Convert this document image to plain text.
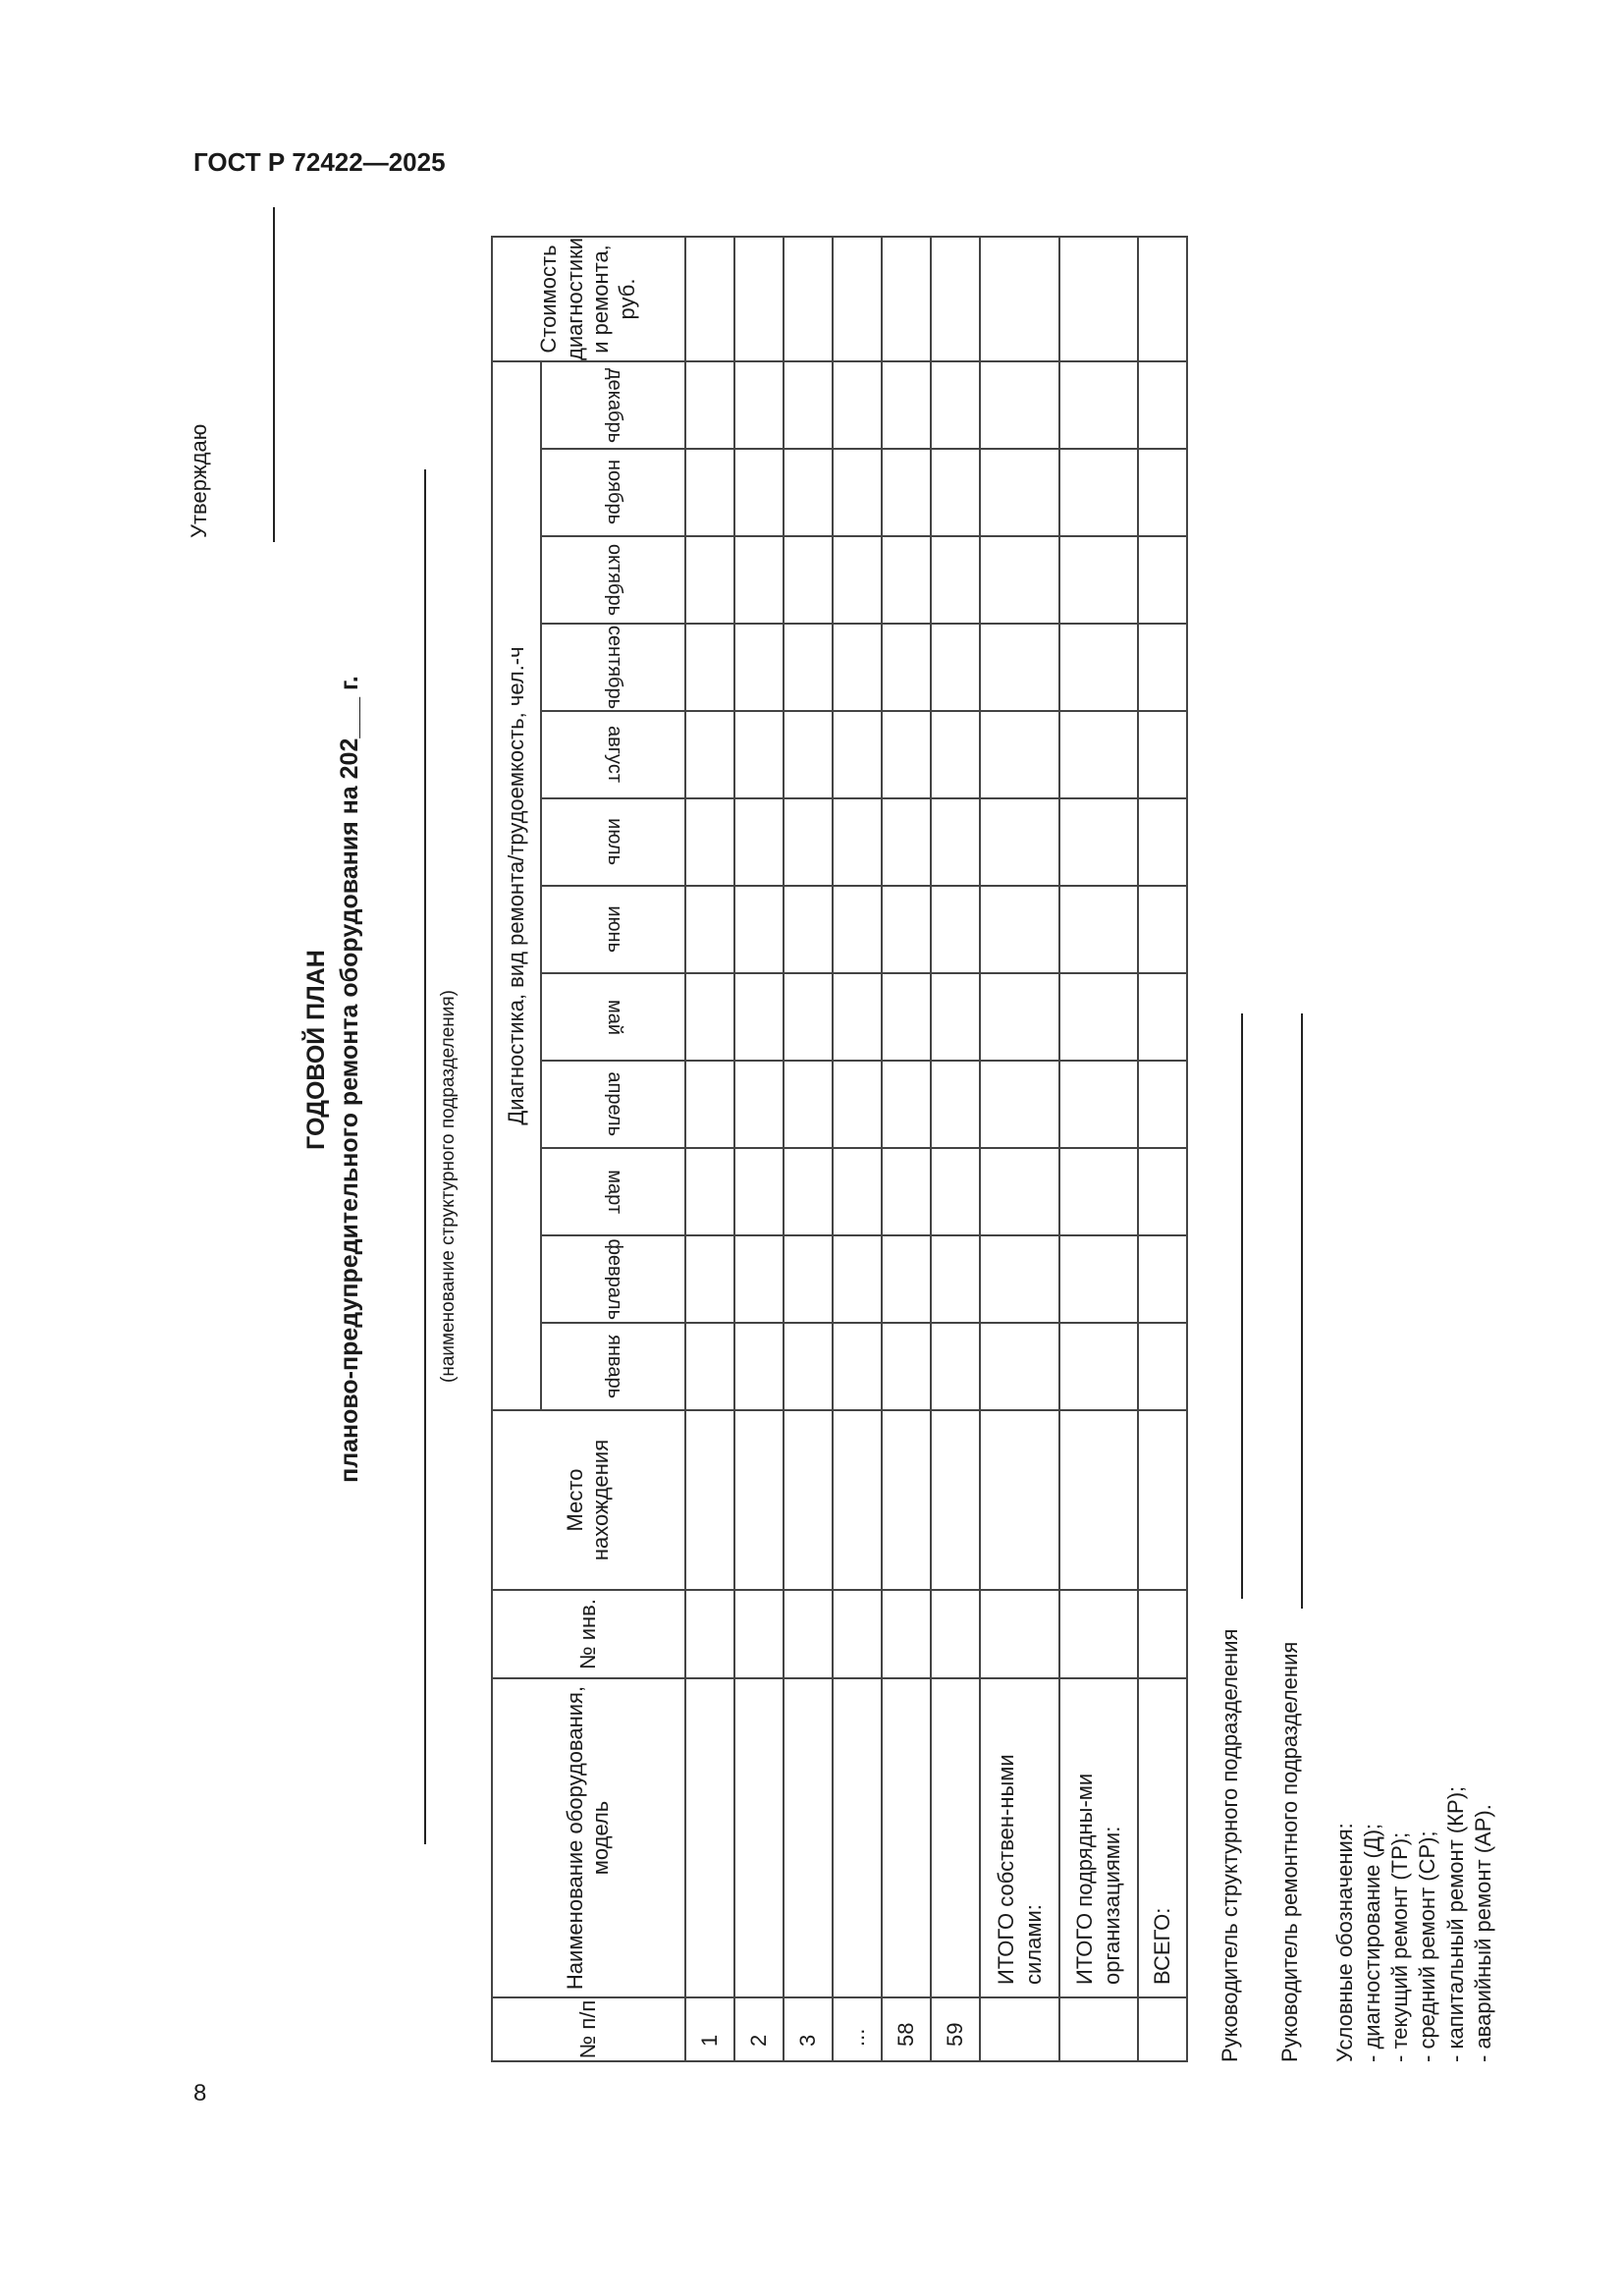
ГОСТ Р 72422—2025
8
Утверждаю
ГОДОВОЙ ПЛАН планово-предупредительного ремонта оборудования на 202___ г.	(наименование структурного подразделения)
№ п/п	Наименование оборудования, модель	№ инв.	Место нахождения	Диагностика, вид ремонта/трудоемкость, чел.-ч												Стоимость диагностики и ремонта, руб.
				январь	февраль	март	апрель	май	июнь	июль	август	сентябрь	октябрь	ноябрь	декабрь	
1																
2																
3																
...																
58																
59																
	ИТОГО собствен-ными силами:															
	ИТОГО подрядны-ми организациями:															
	ВСЕГО:															Руководитель структурного подразделения Руководитель ремонтного подразделения Условные обозначения: - диагностирование (Д); - текущий ремонт (ТР); - средний ремонт (СР); - капитальный ремонт (КР); - аварийный ремонт (АР).
